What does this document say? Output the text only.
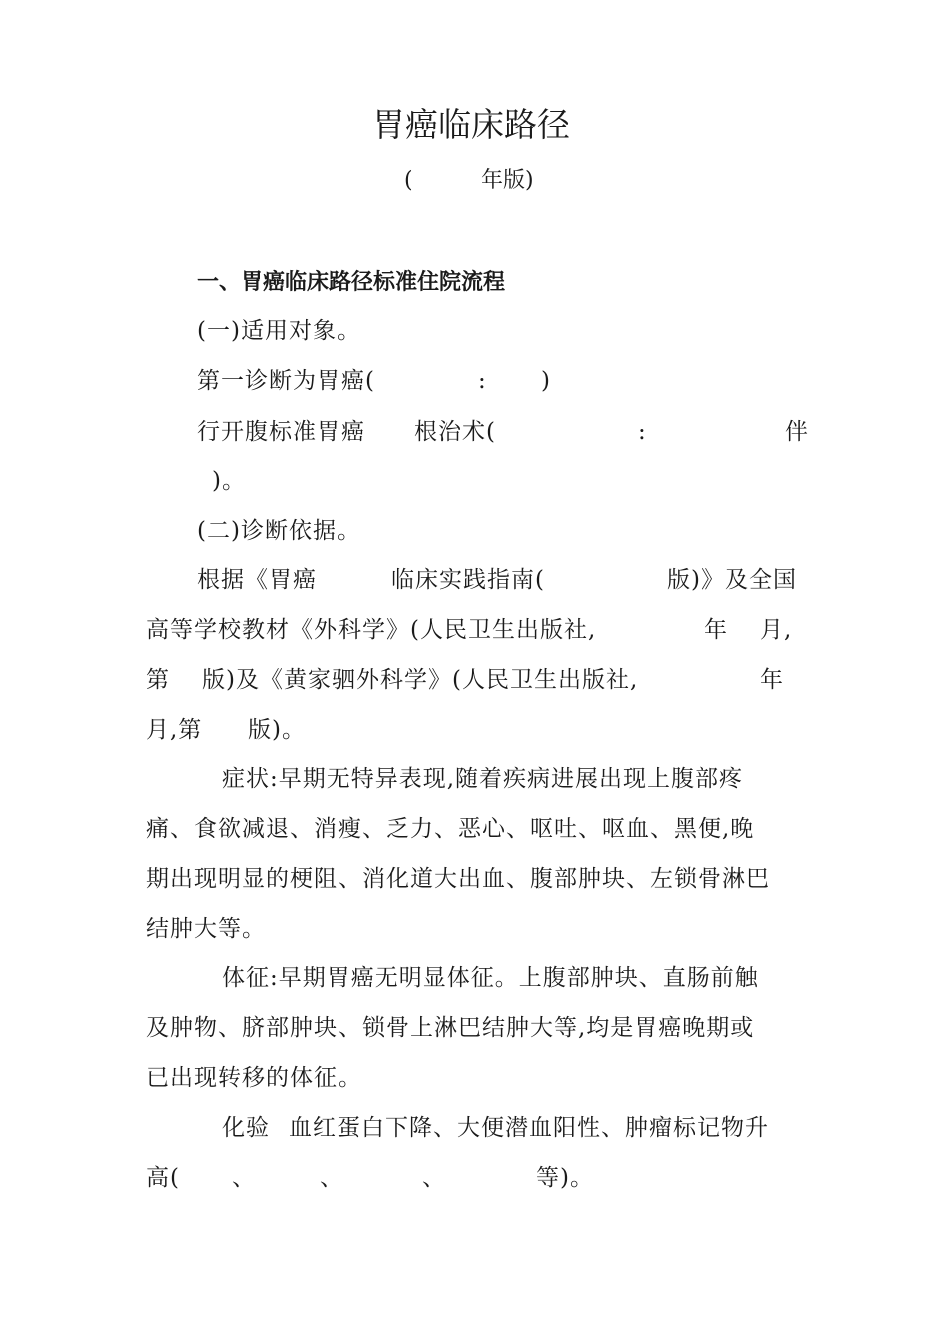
胃癌临床路径
(	年版)
一、胃癌临床路径标准住院流程
(一)适用对象。
第一诊断为胃癌(	: )
行开腹标准胃癌 根治术(	:	伴
)。
(二)诊断依据。
根据《胃癌	临床实践指南(	版)》及全国
高等学校教材《外科学》(人民卫生出版社,	年 月,
第 版)及《黄家驷外科学》(人民卫生出版社,	年
月,第 版)。
症状:早期无特异表现,随着疾病进展出现上腹部疼
痛、食欲减退、消瘦、乏力、恶心、呕吐、呕血、黑便,晚
期出现明显的梗阻、消化道大出血、腹部肿块、左锁骨淋巴
结肿大等。
体征:早期胃癌无明显体征。上腹部肿块、直肠前触
及肿物、脐部肿块、锁骨上淋巴结肿大等,均是胃癌晚期或
已出现转移的体征。
化验 血红蛋白下降、大便潜血阳性、肿瘤标记物升
高( 、	、	、	等)。
